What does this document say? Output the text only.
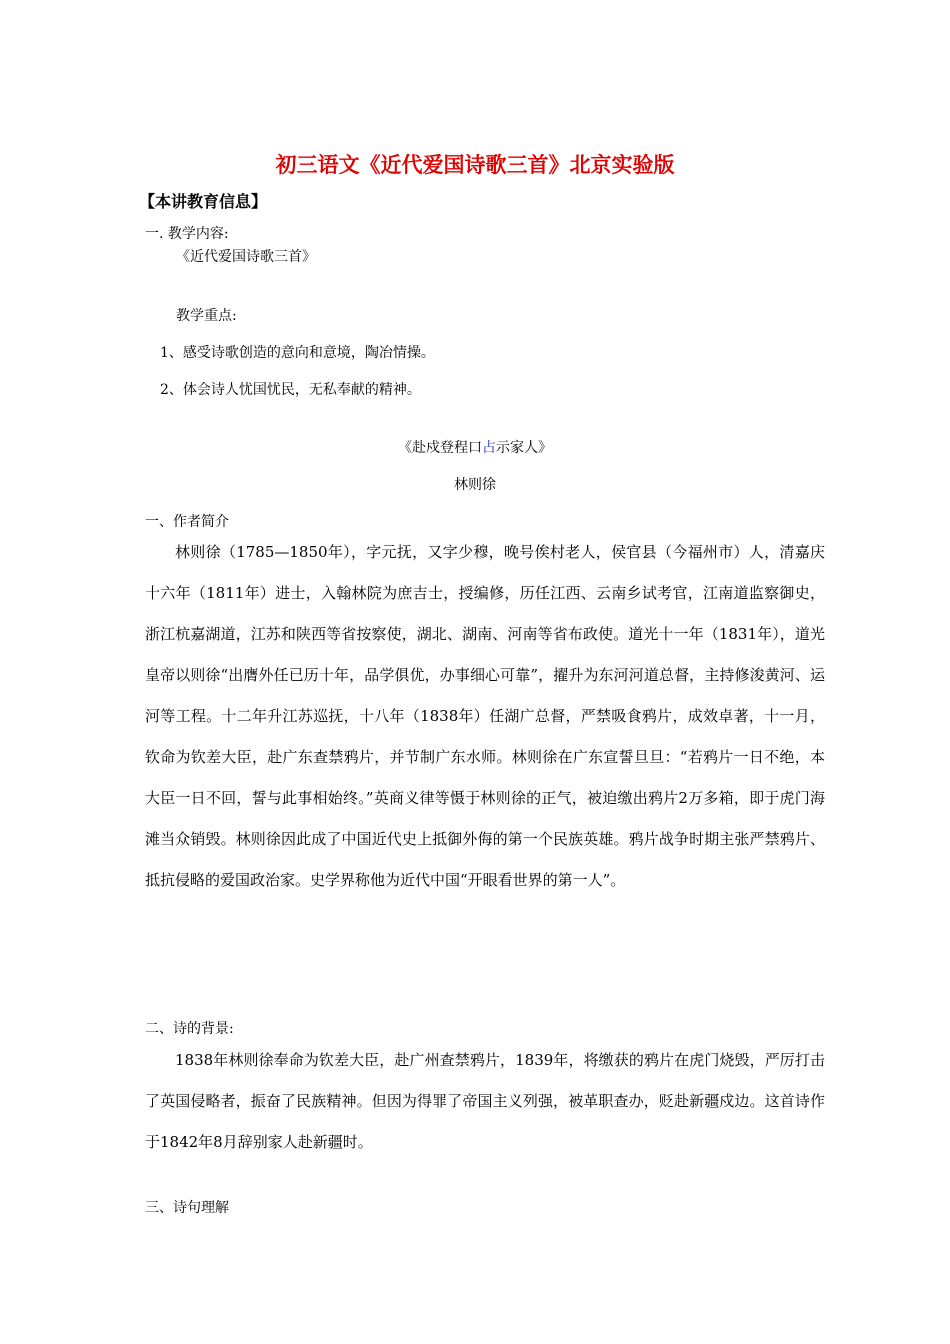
初三语文《近代爱国诗歌三首》北京实验版
【本讲教育信息】
一. 教学内容:
《近代爱国诗歌三首》
教学重点:
1、感受诗歌创造的意向和意境，陶冶情操。
2、体会诗人忧国忧民，无私奉献的精神。
《赴戍登程口占示家人》
林则徐
一、作者简介
林则徐（1785—1850年），字元抚，又字少穆，晚号俟村老人，侯官县（今福州市）人，清嘉庆十六年（1811年）进士，入翰林院为庶吉士，授编修，历任江西、云南乡试考官，江南道监察御史，浙江杭嘉湖道，江苏和陕西等省按察使，湖北、湖南、河南等省布政使。道光十一年（1831年），道光皇帝以则徐“出膺外任已历十年，品学俱优，办事细心可靠”，擢升为东河河道总督，主持修浚黄河、运河等工程。十二年升江苏巡抚，十八年（1838年）任湖广总督，严禁吸食鸦片，成效卓著，十一月，钦命为钦差大臣，赴广东查禁鸦片，并节制广东水师。林则徐在广东宣誓旦旦：“若鸦片一日不绝，本大臣一日不回，誓与此事相始终。”英商义律等慑于林则徐的正气，被迫缴出鸦片2万多箱，即于虎门海滩当众销毁。林则徐因此成了中国近代史上抵御外侮的第一个民族英雄。鸦片战争时期主张严禁鸦片、抵抗侵略的爱国政治家。史学界称他为近代中国“开眼看世界的第一人”。
二、诗的背景:
1838年林则徐奉命为钦差大臣，赴广州查禁鸦片，1839年，将缴获的鸦片在虎门烧毁，严厉打击了英国侵略者，振奋了民族精神。但因为得罪了帝国主义列强，被革职查办，贬赴新疆戍边。这首诗作于1842年8月辞别家人赴新疆时。
三、诗句理解
